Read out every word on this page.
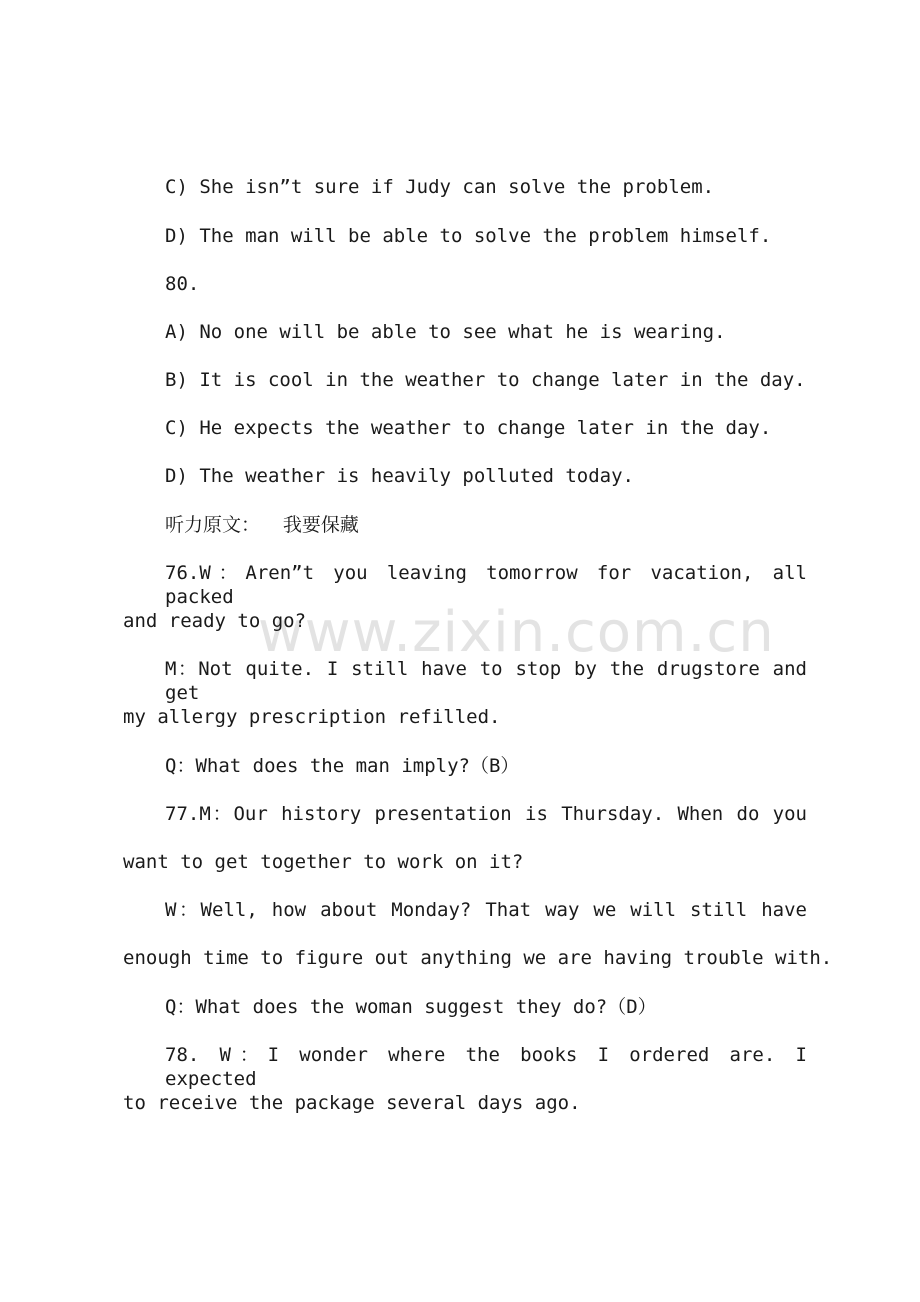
www.zixin.com.cn
C) She isn”t sure if Judy can solve the problem.
D) The man will be able to solve the problem himself.
80.
A) No one will be able to see what he is wearing.
B) It is cool in the weather to change later in the day.
C) He expects the weather to change later in the day.
D) The weather is heavily polluted today.
听力原文：  我要保藏
76.W：Aren”t you leaving tomorrow for vacation, all packed
and ready to go?
M：Not quite. I still have to stop by the drugstore and get
my allergy prescription refilled.
Q：What does the man imply?（B）
77.M：Our history presentation is Thursday. When do you
want to get together to work on it?
W：Well, how about Monday? That way we will still have
enough time to figure out anything we are having trouble with.
Q：What does the woman suggest they do?（D）
78. W：I wonder where the books I ordered are. I expected
to receive the package several days ago.
